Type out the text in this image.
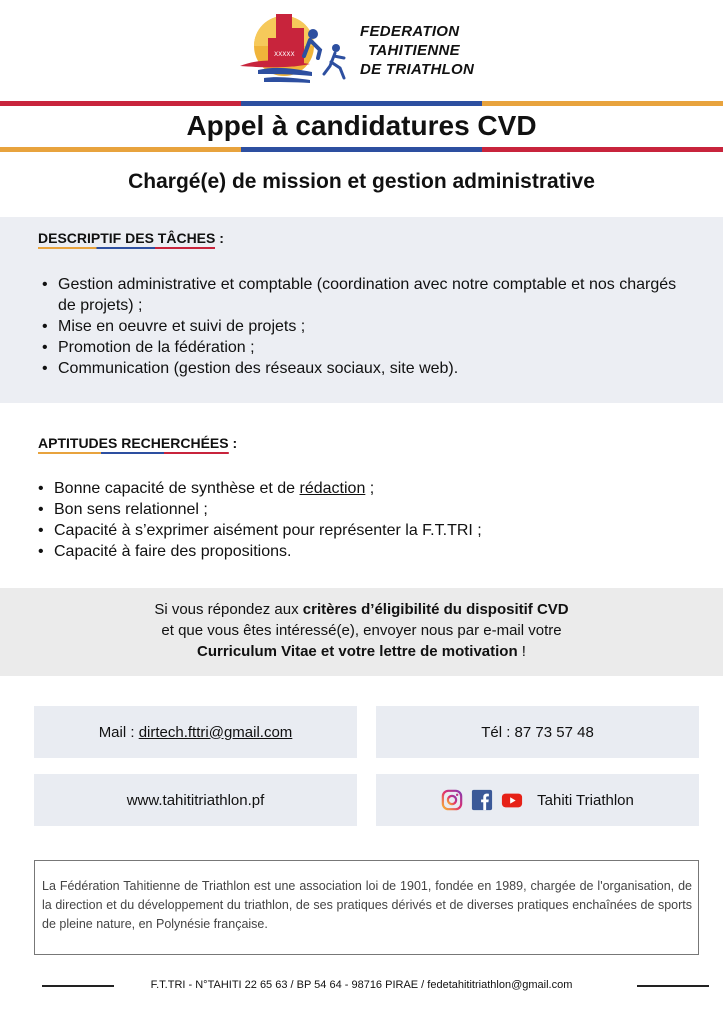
XXXXX
FEDERATION
TAHITIENNE
DE TRIATHLON
Appel à candidatures CVD
Chargé(e) de mission et gestion administrative
DESCRIPTIF DES TÂCHES :
• Gestion administrative et comptable (coordination avec notre comptable et nos chargés de projets) ;
• Mise en oeuvre et suivi de projets ;
• Promotion de la fédération ;
• Communication (gestion des réseaux sociaux, site web).
APTITUDES RECHERCHÉES :
• Bonne capacité de synthèse et de rédaction ;
• Bon sens relationnel ;
• Capacité à s’exprimer aisément pour représenter la F.T.TRI ;
• Capacité à faire des propositions.
Si vous répondez aux critères d’éligibilité du dispositif CVD
et que vous êtes intéressé(e), envoyer nous par e-mail votre
Curriculum Vitae et votre lettre de motivation !
Mail :
dirtech.fttri@gmail.com	Tél : 87 73 57 48
www.tahititriathlon.pf	Tahiti Triathlon
La Fédération Tahitienne de Triathlon est une association loi de 1901, fondée en 1989, chargée de l'organisation, de la direction et du développement du triathlon, de ses pratiques dérivés et de diverses pratiques enchaînées de sports de pleine nature, en Polynésie française.
F.T.TRI - N°TAHITI 22 65 63 / BP 54 64 - 98716 PIRAE / fedetahititriathlon@gmail.com
